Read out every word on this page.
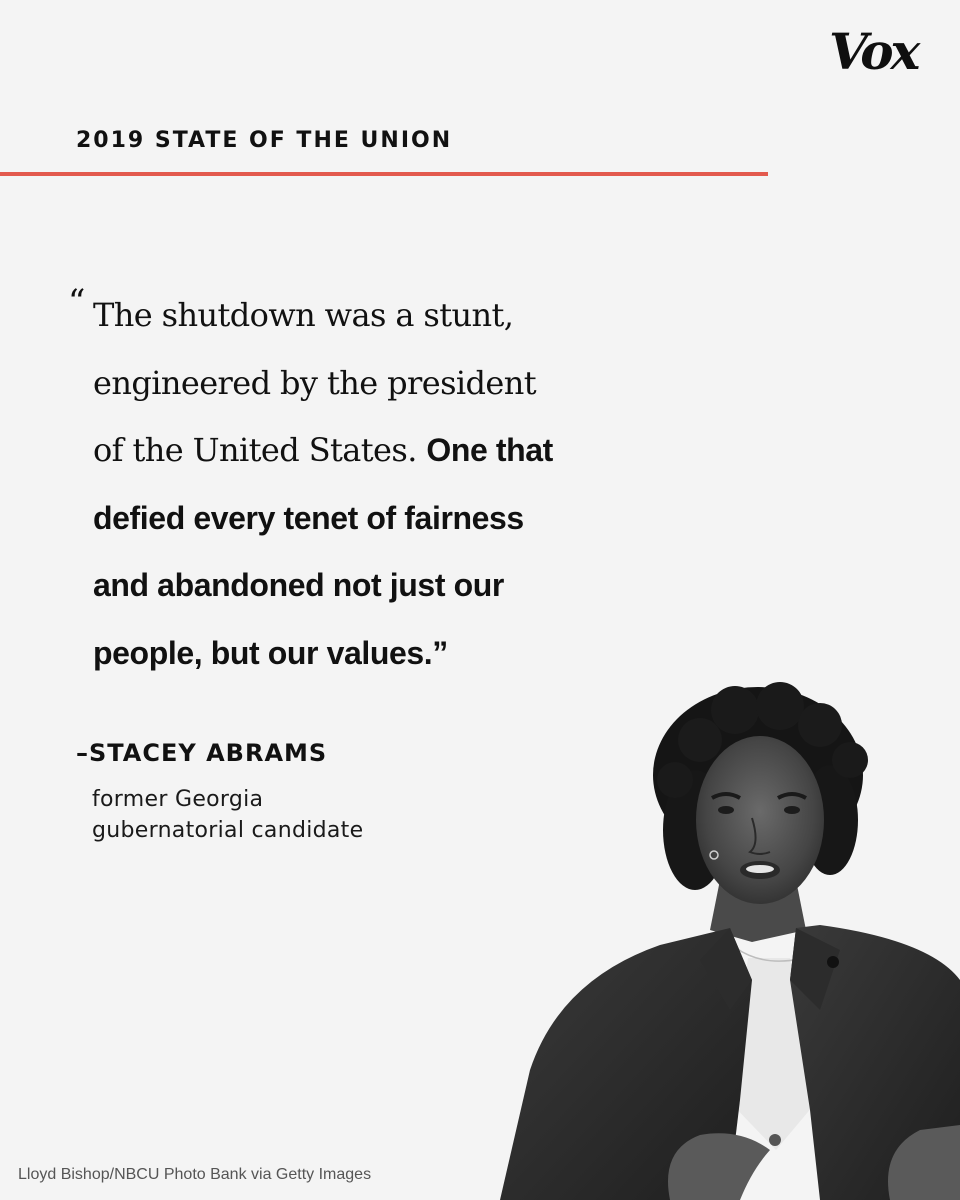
Vox
2019 STATE OF THE UNION
“ The shutdown was a stunt,
engineered by the president
of the United States. One that
defied every tenet of fairness
and abandoned not just our
people, but our values.”
–STACEY ABRAMS
former Georgia
gubernatorial candidate
Lloyd Bishop/NBCU Photo Bank via Getty Images
